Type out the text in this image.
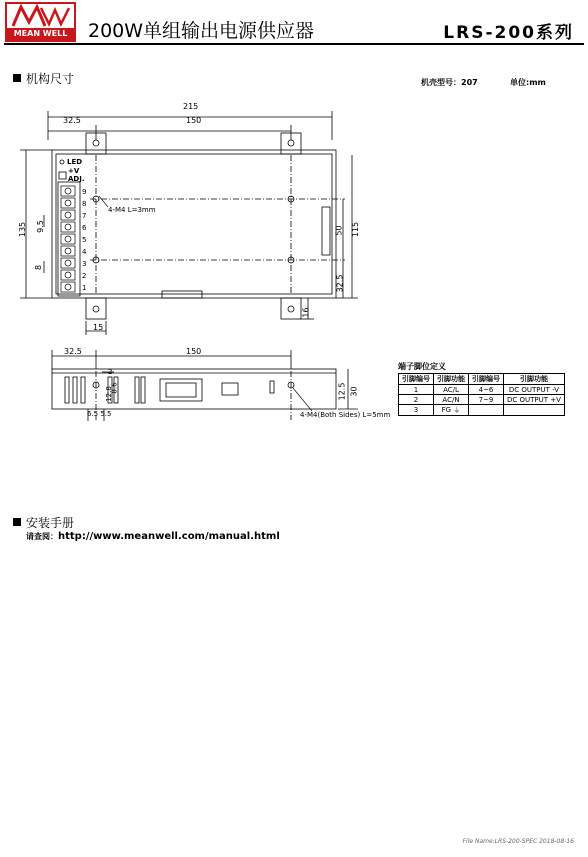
MEAN WELL	200W单组输出电源供应器	LRS-200系列
机构尺寸	机壳型号：207	单位:mm
215
32.5	150
135 9.5
8
115
50
32.5
15
16
4-M4 L=3mm
LED
+V
ADJ.
9
8
7
6
5
4
3
2
1
32.5	150
2
12.8
8.6	30
12.5
6.5 5.5	4-M4(Both Sides) L=5mm
端子脚位定义
引脚编号	引脚功能	引脚编号	引脚功能
1	AC/L	4~6	DC OUTPUT -V
2	AC/N	7~9	DC OUTPUT +V
3	FG ⏚		
安装手册
请查阅：http://www.meanwell.com/manual.html
File Name:LRS-200-SPEC 2018-08-16
